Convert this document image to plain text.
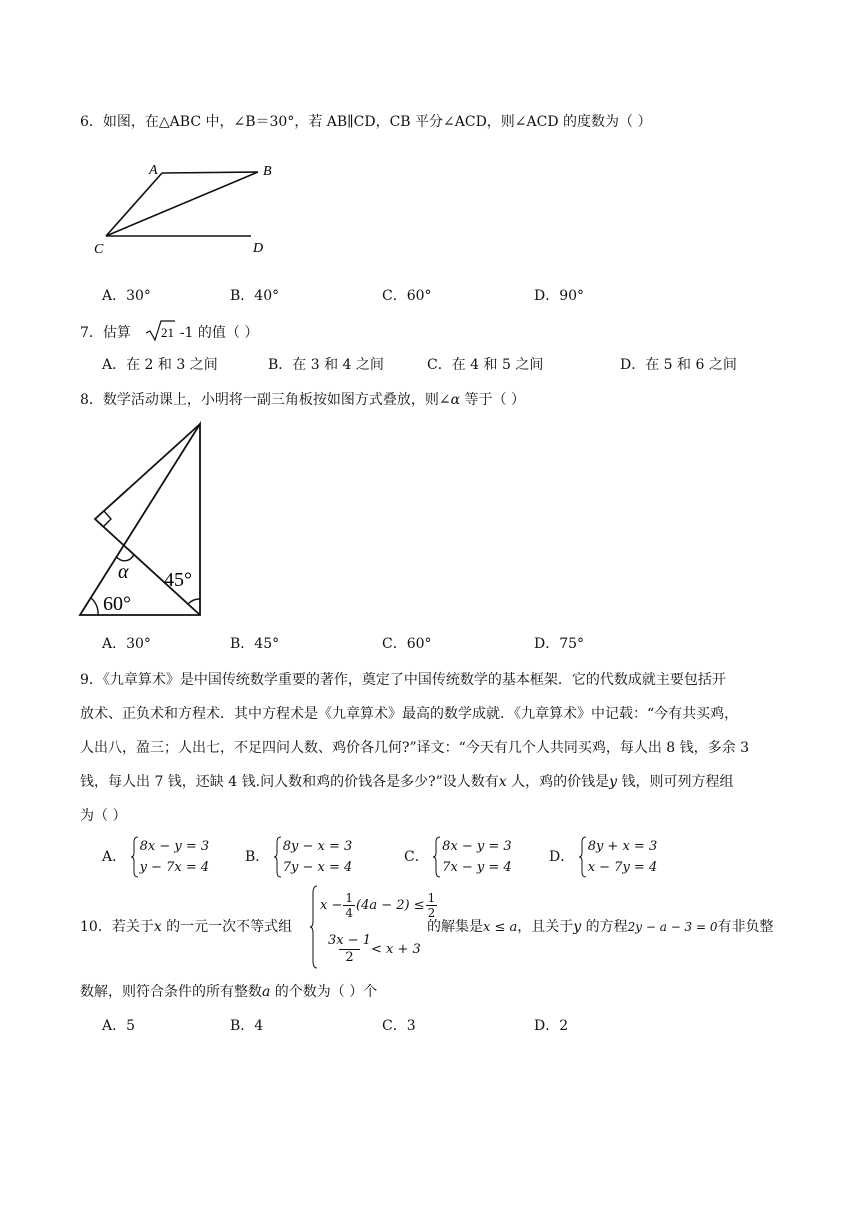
6．如图，在△ABC 中，∠B＝30°，若 AB∥CD，CB 平分∠ACD，则∠ACD 的度数为（ ）
A	B
C	D
A．30°	B．40°	C．60°	D．90°
7．估算 21 -1 的值（ ）
A．在 2 和 3 之间	B．在 3 和 4 之间	C．在 4 和 5 之间	D．在 5 和 6 之间
8．数学活动课上，小明将一副三角板按如图方式叠放，则∠α 等于（ ）
α 45°
60°
A．30°	B．45°	C．60°	D．75°
9．《九章算术》是中国传统数学重要的著作，奠定了中国传统数学的基本框架．它的代数成就主要包括开
放术、正负术和方程术．其中方程术是《九章算术》最高的数学成就．《九章算术》中记载：“今有共买鸡，
人出八，盈三；人出七，不足四问人数、鸡价各几何?”译文：“今天有几个人共同买鸡，每人出 8 钱，多余 3
钱，每人出 7 钱，还缺 4 钱.问人数和鸡的价钱各是多少?”设人数有x 人，鸡的价钱是y 钱，则可列方程组
为（ ）
A．
8x − y = 3
y − 7x = 4
B．
8y − x = 3
7y − x = 4
C．
8x − y = 3
7x − y = 4
D．
8y + x = 3
x − 7y = 4
10．若关于x 的一元一次不等式组
$x - \frac{1}{4} (4a - 2) \le \frac{1}{2}$
3x − 1
2
< x + 3
的解集是x ≤ a，且关于y 的方程2y − a − 3 = 0有非负整
数解，则符合条件的所有整数a 的个数为（ ）个
A．5	B．4	C．3	D．2
